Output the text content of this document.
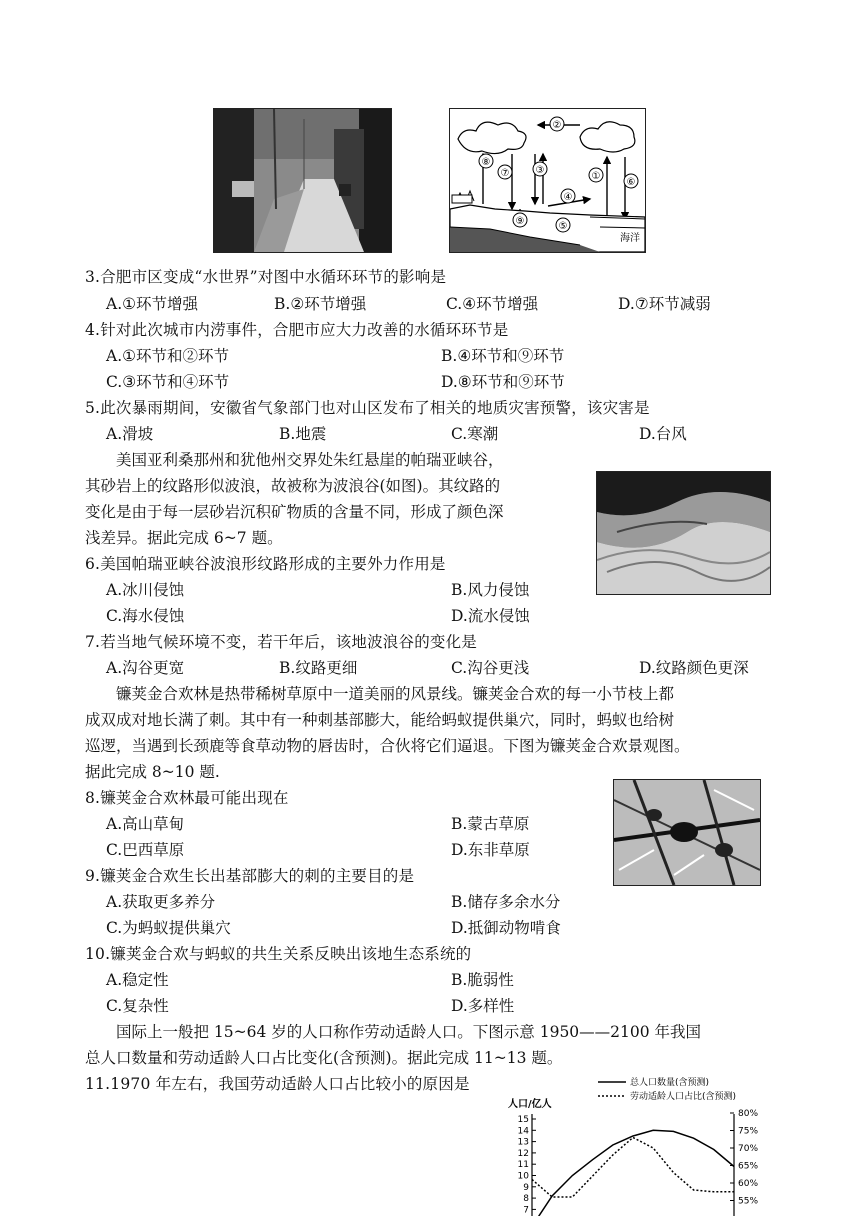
②
⑧
⑦	③
①
⑥
④
⑤
⑨
海洋
3.合肥市区变成“水世界”对图中水循环环节的影响是
A.①环节增强	B.②环节增强	C.④环节增强	D.⑦环节减弱
4.针对此次城市内涝事件，合肥市应大力改善的水循环环节是
A.①环节和②环节	B.④环节和⑨环节
C.③环节和④环节	D.⑧环节和⑨环节
5.此次暴雨期间，安徽省气象部门也对山区发布了相关的地质灾害预警，该灾害是
A.滑坡	B.地震	C.寒潮	D.台风
美国亚利桑那州和犹他州交界处朱红悬崖的帕瑞亚峡谷，
其砂岩上的纹路形似波浪，故被称为波浪谷(如图)。其纹路的
变化是由于每一层砂岩沉积矿物质的含量不同，形成了颜色深
浅差异。据此完成 6~7 题。
6.美国帕瑞亚峡谷波浪形纹路形成的主要外力作用是
A.冰川侵蚀	B.风力侵蚀
C.海水侵蚀	D.流水侵蚀
7.若当地气候环境不变，若干年后，该地波浪谷的变化是
A.沟谷更宽	B.纹路更细	C.沟谷更浅	D.纹路颜色更深
镰荚金合欢林是热带稀树草原中一道美丽的风景线。镰荚金合欢的每一小节枝上都
成双成对地长满了刺。其中有一种刺基部膨大，能给蚂蚁提供巢穴，同时，蚂蚁也给树
巡逻，当遇到长颈鹿等食草动物的唇齿时，合伙将它们逼退。下图为镰荚金合欢景观图。
据此完成 8~10 题.
8.镰荚金合欢林最可能出现在
A.高山草甸	B.蒙古草原
C.巴西草原	D.东非草原
9.镰荚金合欢生长出基部膨大的刺的主要目的是
A.获取更多养分	B.储存多余水分
C.为蚂蚁提供巢穴	D.抵御动物啃食
10.镰荚金合欢与蚂蚁的共生关系反映出该地生态系统的
A.稳定性	B.脆弱性
C.复杂性	D.多样性
国际上一般把 15~64 岁的人口称作劳动适龄人口。下图示意 1950——2100 年我国
总人口数量和劳动适龄人口占比变化(含预测)。据此完成 11~13 题。
11.1970 年左右，我国劳动适龄人口占比较小的原因是	总人口数量(含预测)
劳动适龄人口占比(含预测)
人口/亿人
15
14
13
12
11
10
9
8
7
80%
75%
70%
65%
60%
55%
